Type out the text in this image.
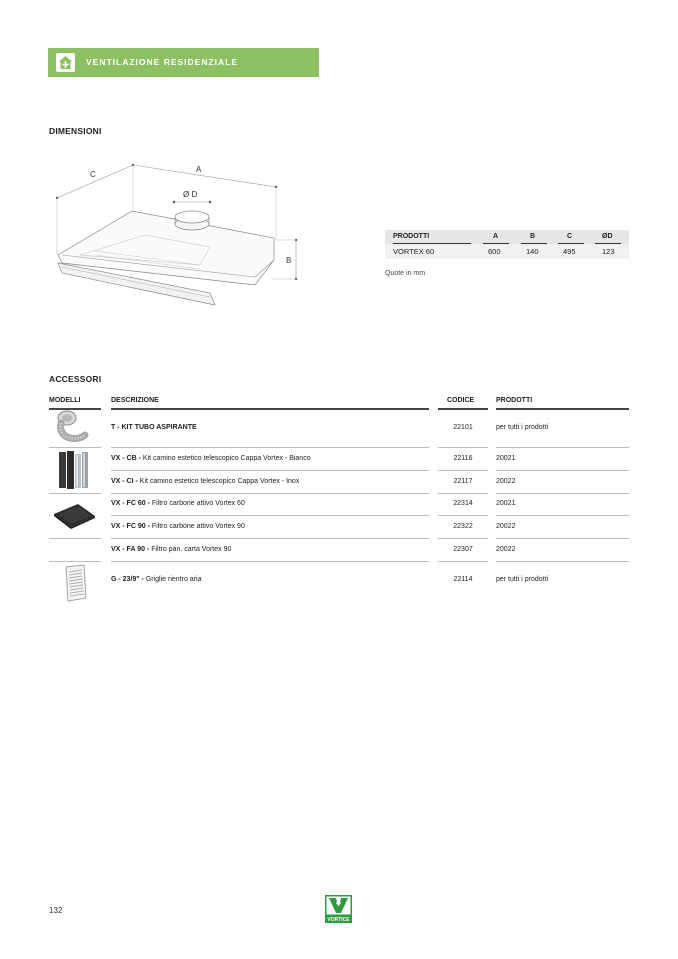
VENTILAZIONE RESIDENZIALE
DIMENSIONI
A
C
Ø D
B
PRODOTTI	A	B	C	ØD
VORTEX 60	600	140	495	123
Quote in mm
ACCESSORI
MODELLI	DESCRIZIONE	CODICE	PRODOTTI
T - KIT TUBO ASPIRANTE	22101	per tutti i prodotti
VX - CB - Kit camino estetico telescopico Cappa Vortex - Bianco	22116	20021
VX - CI - Kit camino estetico telescopico Cappa Vortex - Inox	22117	20022
VX - FC 60 - Filtro carbone attivo Vortex 60	22314	20021
VX - FC 90 - Filtro carbone attivo Vortex 90	22322	20022
VX - FA 90 - Filtro pan. carta Vortex 90	22307	20022
G - 23/9" - Griglie rientro aria	22114	per tutti i prodotti
132
VORTICE
